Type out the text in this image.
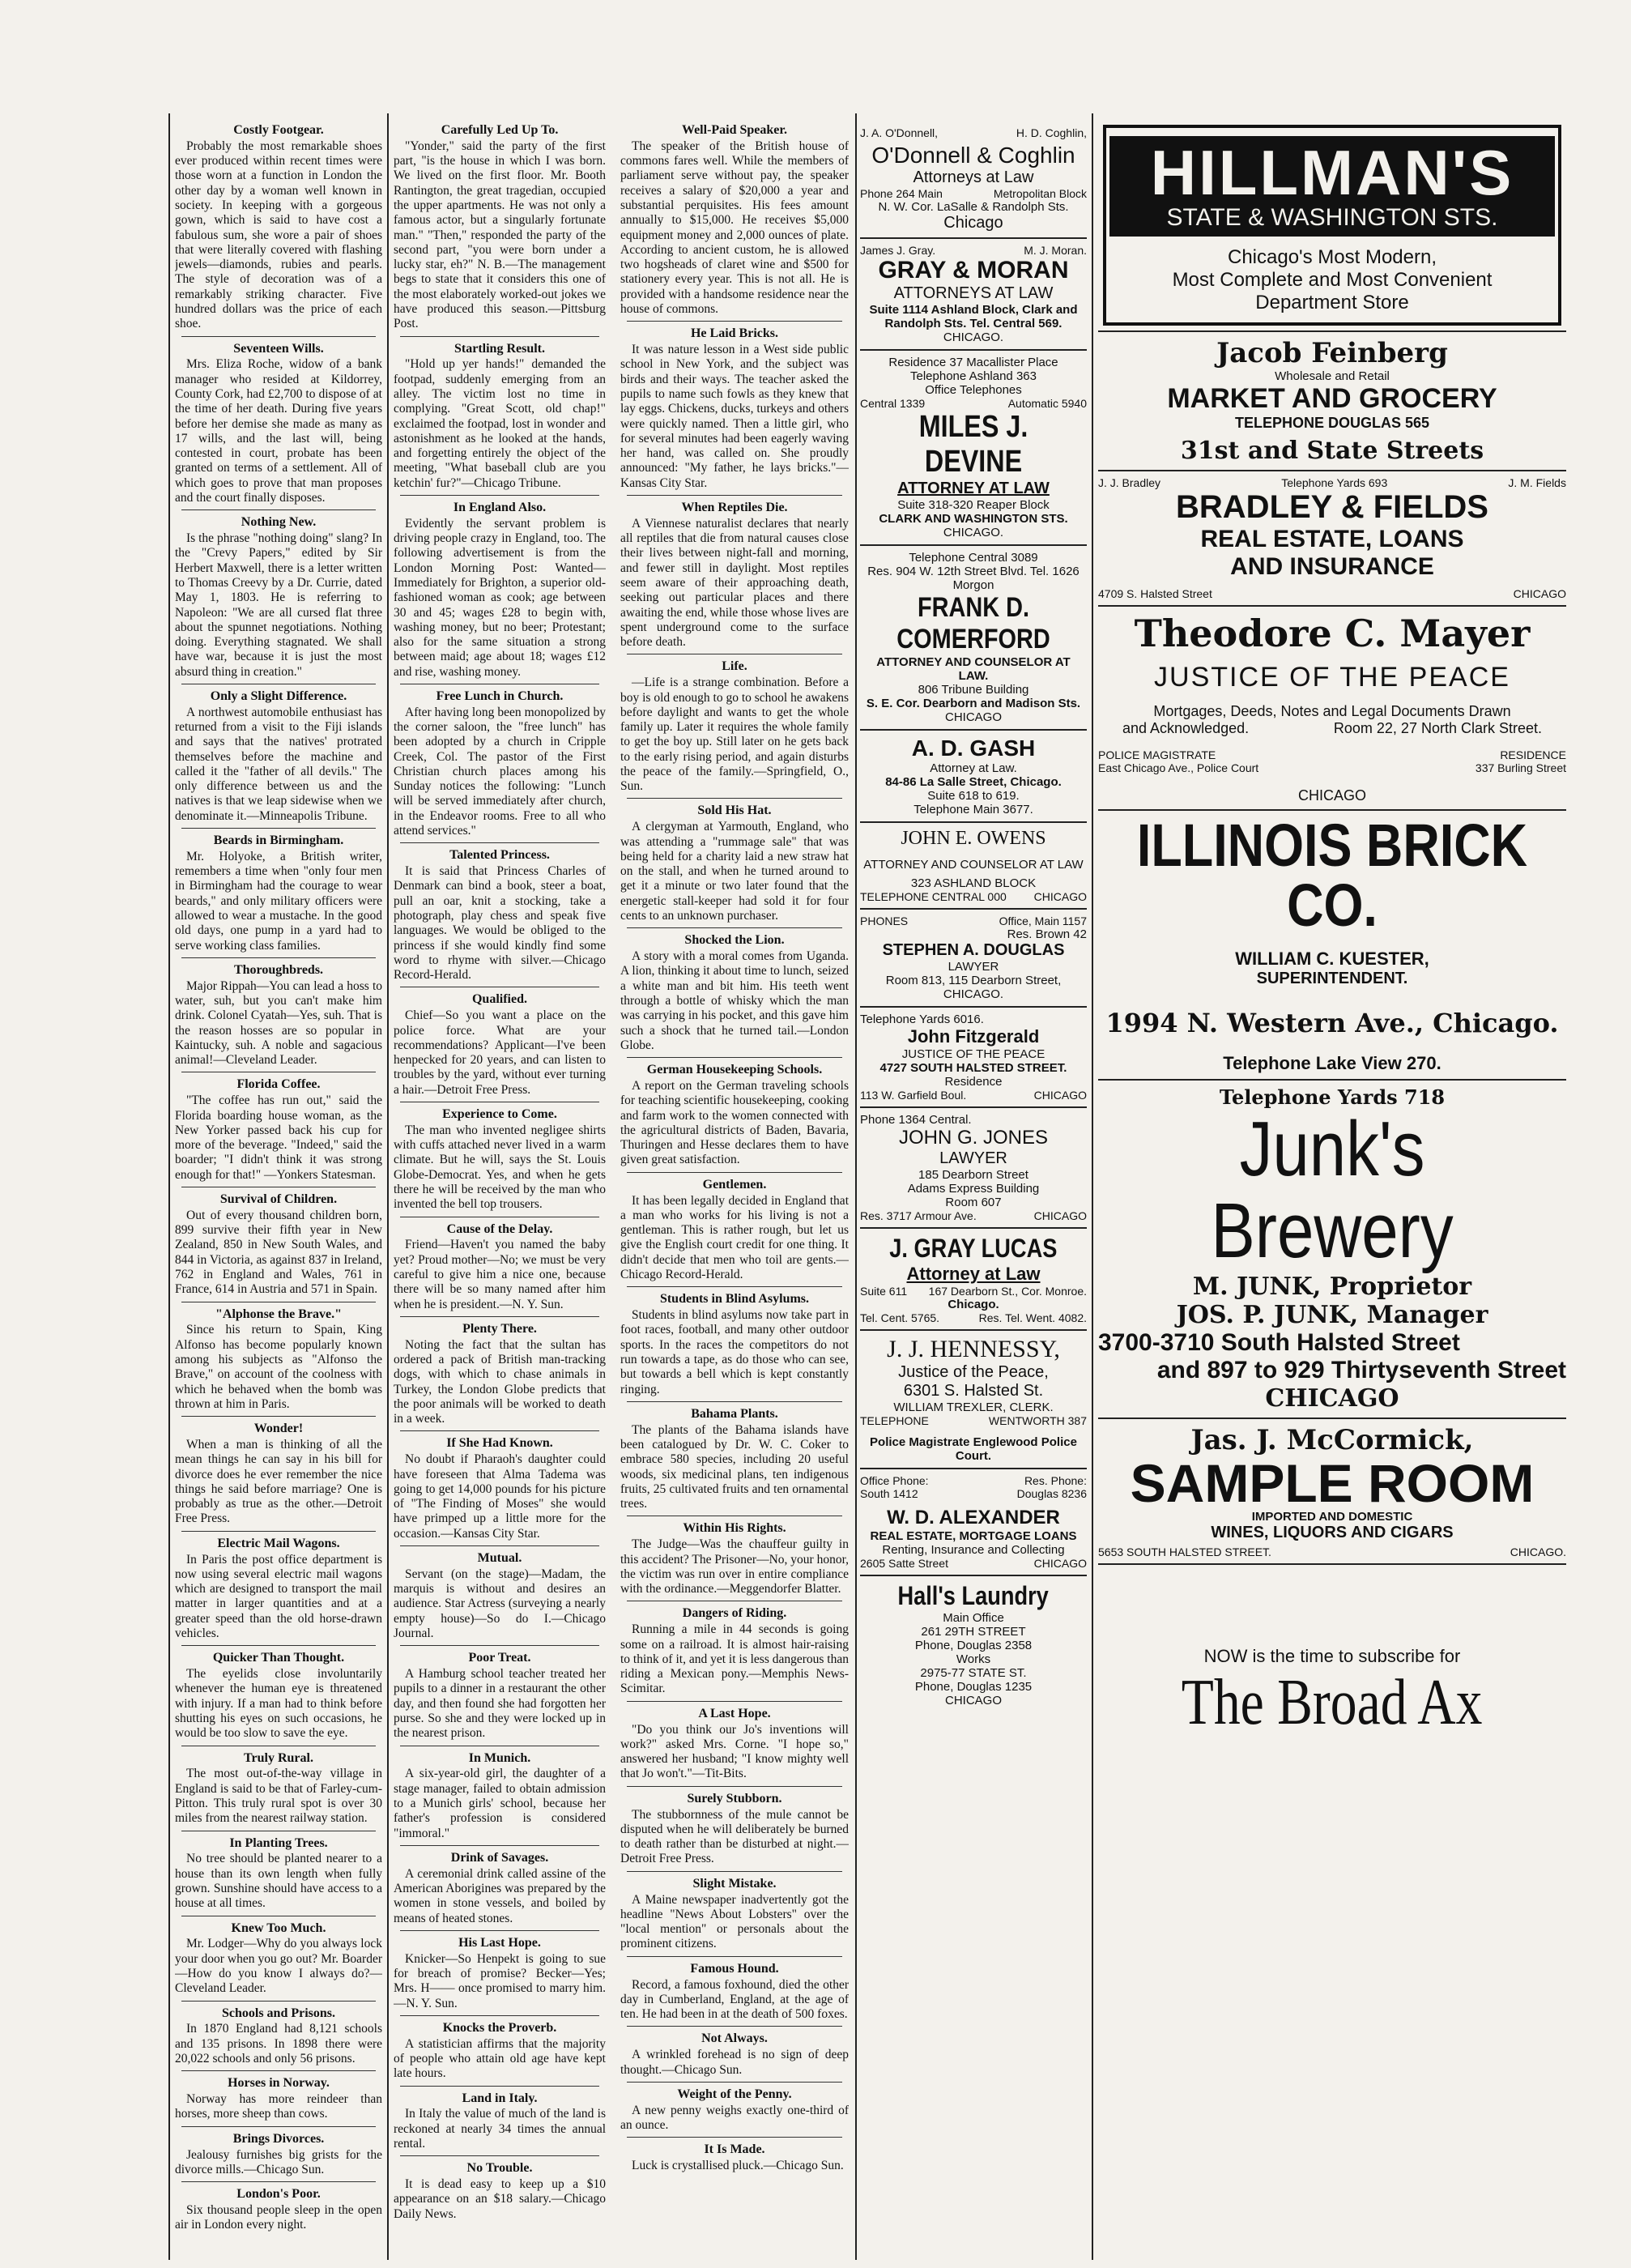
Costly Footgear.

Probably the most remarkable shoes ever produced within recent times were those worn at a function in London the other day by a woman well known in society. In keeping with a gorgeous gown, which is said to have cost a fabulous sum, she wore a pair of shoes that were literally covered with flashing jewels—diamonds, rubies and pearls. The style of decoration was of a remarkably striking character. Five hundred dollars was the price of each shoe.

Seventeen Wills.

Mrs. Eliza Roche, widow of a bank manager who resided at Kildorrey, County Cork, had £2,700 to dispose of at the time of her death. During five years before her demise she made as many as 17 wills, and the last will, being contested in court, probate has been granted on terms of a settlement. All of which goes to prove that man proposes and the court finally disposes.

Nothing New.

Is the phrase "nothing doing" slang? In the "Crevy Papers," edited by Sir Herbert Maxwell, there is a letter written to Thomas Creevy by a Dr. Currie, dated May 1, 1803. He is referring to Napoleon: "We are all cursed flat three about the spunnet negotiations. Nothing doing. Everything stagnated. We shall have war, because it is just the most absurd thing in creation."

Only a Slight Difference.

A northwest automobile enthusiast has returned from a visit to the Fiji islands and says that the natives' protrated themselves before the machine and called it the "father of all devils." The only difference between us and the natives is that we leap sidewise when we denominate it.—Minneapolis Tribune.

Beards in Birmingham.

Mr. Holyoke, a British writer, remembers a time when "only four men in Birmingham had the courage to wear beards," and only military officers were allowed to wear a mustache. In the good old days, one pump in a yard had to serve working class families.

Thoroughbreds.

Major Rippah—You can lead a hoss to water, suh, but you can't make him drink. Colonel Cyatah—Yes, suh. That is the reason hosses are so popular in Kaintucky, suh. A noble and sagacious animal!—Cleveland Leader.

Florida Coffee.

"The coffee has run out," said the Florida boarding house woman, as the New Yorker passed back his cup for more of the beverage. "Indeed," said the boarder; "I didn't think it was strong enough for that!" —Yonkers Statesman.

Survival of Children.

Out of every thousand children born, 899 survive their fifth year in New Zealand, 850 in New South Wales, and 844 in Victoria, as against 837 in Ireland, 762 in England and Wales, 761 in France, 614 in Austria and 571 in Spain.

"Alphonse the Brave."

Since his return to Spain, King Alfonso has become popularly known among his subjects as "Alfonso the Brave," on account of the coolness with which he behaved when the bomb was thrown at him in Paris.

Wonder!

When a man is thinking of all the mean things he can say in his bill for divorce does he ever remember the nice things he said before marriage? One is probably as true as the other.—Detroit Free Press.

Electric Mail Wagons.

In Paris the post office department is now using several electric mail wagons which are designed to transport the mail matter in larger quantities and at a greater speed than the old horse-drawn vehicles.

Quicker Than Thought.

The eyelids close involuntarily whenever the human eye is threatened with injury. If a man had to think before shutting his eyes on such occasions, he would be too slow to save the eye.

Truly Rural.

The most out-of-the-way village in England is said to be that of Farley-cum-Pitton. This truly rural spot is over 30 miles from the nearest railway station.

In Planting Trees.

No tree should be planted nearer to a house than its own length when fully grown. Sunshine should have access to a house at all times.

Knew Too Much.

Mr. Lodger—Why do you always lock your door when you go out? Mr. Boarder—How do you know I always do?—Cleveland Leader.

Schools and Prisons.

In 1870 England had 8,121 schools and 135 prisons. In 1898 there were 20,022 schools and only 56 prisons.

Horses in Norway.

Norway has more reindeer than horses, more sheep than cows.

Brings Divorces.

Jealousy furnishes big grists for the divorce mills.—Chicago Sun.

London's Poor.

Six thousand people sleep in the open air in London every night.

Carefully Led Up To.

"Yonder," said the party of the first part, "is the house in which I was born. We lived on the first floor. Mr. Booth Rantington, the great tragedian, occupied the upper apartments. He was not only a famous actor, but a singularly fortunate man." "Then," responded the party of the second part, "you were born under a lucky star, eh?" N. B.—The management begs to state that it considers this one of the most elaborately worked-out jokes we have produced this season.—Pittsburg Post.

Startling Result.

"Hold up yer hands!" demanded the footpad, suddenly emerging from an alley. The victim lost no time in complying. "Great Scott, old chap!" exclaimed the footpad, lost in wonder and astonishment as he looked at the hands, and forgetting entirely the object of the meeting, "What baseball club are you ketchin' fur?"—Chicago Tribune.

In England Also.

Evidently the servant problem is driving people crazy in England, too. The following advertisement is from the London Morning Post: Wanted—Immediately for Brighton, a superior old-fashioned woman as cook; age between 30 and 45; wages £28 to begin with, washing money, but no beer; Protestant; also for the same situation a strong between maid; age about 18; wages £12 and rise, washing money.

Free Lunch in Church.

After having long been monopolized by the corner saloon, the "free lunch" has been adopted by a church in Cripple Creek, Col. The pastor of the First Christian church places among his Sunday notices the following: "Lunch will be served immediately after church, in the Endeavor rooms. Free to all who attend services."

Talented Princess.

It is said that Princess Charles of Denmark can bind a book, steer a boat, pull an oar, knit a stocking, take a photograph, play chess and speak five languages. We would be obliged to the princess if she would kindly find some word to rhyme with silver.—Chicago Record-Herald.

Qualified.

Chief—So you want a place on the police force. What are your recommendations? Applicant—I've been henpecked for 20 years, and can listen to troubles by the yard, without ever turning a hair.—Detroit Free Press.

Experience to Come.

The man who invented negligee shirts with cuffs attached never lived in a warm climate. But he will, says the St. Louis Globe-Democrat. Yes, and when he gets there he will be received by the man who invented the bell top trousers.

Cause of the Delay.

Friend—Haven't you named the baby yet? Proud mother—No; we must be very careful to give him a nice one, because there will be so many named after him when he is president.—N. Y. Sun.

Plenty There.

Noting the fact that the sultan has ordered a pack of British man-tracking dogs, with which to chase animals in Turkey, the London Globe predicts that the poor animals will be worked to death in a week.

If She Had Known.

No doubt if Pharaoh's daughter could have foreseen that Alma Tadema was going to get 14,000 pounds for his picture of "The Finding of Moses" she would have primped up a little more for the occasion.—Kansas City Star.

Mutual.

Servant (on the stage)—Madam, the marquis is without and desires an audience. Star Actress (surveying a nearly empty house)—So do I.—Chicago Journal.

Poor Treat.

A Hamburg school teacher treated her pupils to a dinner in a restaurant the other day, and then found she had forgotten her purse. So she and they were locked up in the nearest prison.

In Munich.

A six-year-old girl, the daughter of a stage manager, failed to obtain admission to a Munich girls' school, because her father's profession is considered "immoral."

Drink of Savages.

A ceremonial drink called assine of the American Aborigines was prepared by the women in stone vessels, and boiled by means of heated stones.

His Last Hope.

Knicker—So Henpekt is going to sue for breach of promise? Becker—Yes; Mrs. H—— once promised to marry him.—N. Y. Sun.

Knocks the Proverb.

A statistician affirms that the majority of people who attain old age have kept late hours.

Land in Italy.

In Italy the value of much of the land is reckoned at nearly 34 times the annual rental.

No Trouble.

It is dead easy to keep up a $10 appearance on an $18 salary.—Chicago Daily News.

Well-Paid Speaker.

The speaker of the British house of commons fares well. While the members of parliament serve without pay, the speaker receives a salary of $20,000 a year and substantial perquisites. His fees amount annually to $15,000. He receives $5,000 equipment money and 2,000 ounces of plate. According to ancient custom, he is allowed two hogsheads of claret wine and $500 for stationery every year. This is not all. He is provided with a handsome residence near the house of commons.

He Laid Bricks.

It was nature lesson in a West side public school in New York, and the subject was birds and their ways. The teacher asked the pupils to name such fowls as they knew that lay eggs. Chickens, ducks, turkeys and others were quickly named. Then a little girl, who for several minutes had been eagerly waving her hand, was called on. She proudly announced: "My father, he lays bricks."—Kansas City Star.

When Reptiles Die.

A Viennese naturalist declares that nearly all reptiles that die from natural causes close their lives between night-fall and morning, and fewer still in daylight. Most reptiles seem aware of their approaching death, seeking out particular places and there awaiting the end, while those whose lives are spent underground come to the surface before death.

Life.

—Life is a strange combination. Before a boy is old enough to go to school he awakens before daylight and wants to get the whole family up. Later it requires the whole family to get the boy up. Still later on he gets back to the early rising period, and again disturbs the peace of the family.—Springfield, O., Sun.

Sold His Hat.

A clergyman at Yarmouth, England, who was attending a "rummage sale" that was being held for a charity laid a new straw hat on the stall, and when he turned around to get it a minute or two later found that the energetic stall-keeper had sold it for four cents to an unknown purchaser.

Shocked the Lion.

A story with a moral comes from Uganda. A lion, thinking it about time to lunch, seized a white man and bit him. His teeth went through a bottle of whisky which the man was carrying in his pocket, and this gave him such a shock that he turned tail.—London Globe.

German Housekeeping Schools.

A report on the German traveling schools for teaching scientific housekeeping, cooking and farm work to the women connected with the agricultural districts of Baden, Bavaria, Thuringen and Hesse declares them to have given great satisfaction.

Gentlemen.

It has been legally decided in England that a man who works for his living is not a gentleman. This is rather rough, but let us give the English court credit for one thing. It didn't decide that men who toil are gents.—Chicago Record-Herald.

Students in Blind Asylums.

Students in blind asylums now take part in foot races, football, and many other outdoor sports. In the races the competitors do not run towards a tape, as do those who can see, but towards a bell which is kept constantly ringing.

Bahama Plants.

The plants of the Bahama islands have been catalogued by Dr. W. C. Coker to embrace 580 species, including 20 useful woods, six medicinal plans, ten indigenous fruits, 25 cultivated fruits and ten ornamental trees.

Within His Rights.

The Judge—Was the chauffeur guilty in this accident? The Prisoner—No, your honor, the victim was run over in entire compliance with the ordinance.—Meggendorfer Blatter.

Dangers of Riding.

Running a mile in 44 seconds is going some on a railroad. It is almost hair-raising to think of it, and yet it is less dangerous than riding a Mexican pony.—Memphis News-Scimitar.

A Last Hope.

"Do you think our Jo's inventions will work?" asked Mrs. Corne. "I hope so," answered her husband; "I know mighty well that Jo won't."—Tit-Bits.

Surely Stubborn.

The stubbornness of the mule cannot be disputed when he will deliberately be burned to death rather than be disturbed at night.—Detroit Free Press.

Slight Mistake.

A Maine newspaper inadvertently got the headline "News About Lobsters" over the "local mention" or personals about the prominent citizens.

Famous Hound.

Record, a famous foxhound, died the other day in Cumberland, England, at the age of ten. He had been in at the death of 500 foxes.

Not Always.

A wrinkled forehead is no sign of deep thought.—Chicago Sun.

Weight of the Penny.

A new penny weighs exactly one-third of an ounce.

It Is Made.

Luck is crystallised pluck.—Chicago Sun.

J. A. O'Donnell,	H. D. Coghlin,
O'Donnell & Coghlin
Attorneys at Law
Phone 264 Main	Metropolitan Block
N. W. Cor. LaSalle & Randolph Sts.
Chicago
James J. Gray.	M. J. Moran.
GRAY & MORAN
ATTORNEYS AT LAW
Suite 1114 Ashland Block, Clark and Randolph Sts. Tel. Central 569.
CHICAGO.
Residence 37 Macallister Place
Telephone Ashland 363
Office Telephones
Central 1339	Automatic 5940
MILES J. DEVINE
ATTORNEY AT LAW
Suite 318-320 Reaper Block
CLARK AND WASHINGTON STS.
CHICAGO.
Telephone Central 3089
Res. 904 W. 12th Street Blvd. Tel. 1626 Morgon
FRANK D. COMERFORD
ATTORNEY AND COUNSELOR AT LAW.
806 Tribune Building
S. E. Cor. Dearborn and Madison Sts.
CHICAGO
A. D. GASH
Attorney at Law.
84-86 La Salle Street, Chicago.
Suite 618 to 619.
Telephone Main 3677.
JOHN E. OWENS
ATTORNEY AND COUNSELOR AT LAW
323 ASHLAND BLOCK
TELEPHONE CENTRAL 000 CHICAGO
PHONES	Office, Main 1157
Res. Brown 42
STEPHEN A. DOUGLAS
LAWYER
Room 813, 115 Dearborn Street,
CHICAGO.
Telephone Yards 6016.
John Fitzgerald
JUSTICE OF THE PEACE
4727 SOUTH HALSTED STREET.
Residence
113 W. Garfield Boul.	CHICAGO
Phone 1364 Central.
JOHN G. JONES
LAWYER
185 Dearborn Street
Adams Express Building
Room 607
Res. 3717 Armour Ave.	CHICAGO
J. GRAY LUCAS
Attorney at Law
Suite 611 167 Dearborn St., Cor. Monroe.
Chicago.
Tel. Cent. 5765.	Res. Tel. Went. 4082.
J. J. HENNESSY,
Justice of the Peace,
6301 S. Halsted St.
WILLIAM TREXLER, CLERK.
TELEPHONE	WENTWORTH 387
Police Magistrate Englewood Police Court.
Office Phone:	Res. Phone:
South 1412	Douglas 8236
W. D. ALEXANDER
REAL ESTATE, MORTGAGE LOANS
Renting, Insurance and Collecting
2605 Satte Street	CHICAGO
Hall's Laundry
Main Office
261 29TH STREET
Phone, Douglas 2358
Works
2975-77 STATE ST.
Phone, Douglas 1235
CHICAGO
HILLMAN'S
STATE & WASHINGTON STS.
Chicago's Most Modern,
Most Complete and Most Convenient
Department Store
Jacob Feinberg
Wholesale and Retail
MARKET AND GROCERY
TELEPHONE DOUGLAS 565
31st and State Streets
J. J. Bradley	Telephone Yards 693	J. M. Fields
BRADLEY & FIELDS
REAL ESTATE, LOANS
AND INSURANCE
4709 S. Halsted Street	CHICAGO
Theodore C. Mayer
JUSTICE OF THE PEACE
Mortgages, Deeds, Notes and Legal Documents Drawn
and Acknowledged.	Room 22, 27 North Clark Street.
POLICE MAGISTRATE	RESIDENCE
East Chicago Ave., Police Court	337 Burling Street
CHICAGO
ILLINOIS BRICK CO.
WILLIAM C. KUESTER,
SUPERINTENDENT.
1994 N. Western Ave., Chicago.
Telephone Lake View 270.
Telephone Yards 718
Junk's Brewery
M. JUNK, Proprietor
JOS. P. JUNK, Manager
3700-3710 South Halsted Street
and 897 to 929 Thirtyseventh Street
CHICAGO
Jas. J. McCormick,
SAMPLE ROOM
IMPORTED AND DOMESTIC
WINES, LIQUORS AND CIGARS
5653 SOUTH HALSTED STREET.	CHICAGO.
NOW is the time to subscribe for
The Broad Ax
